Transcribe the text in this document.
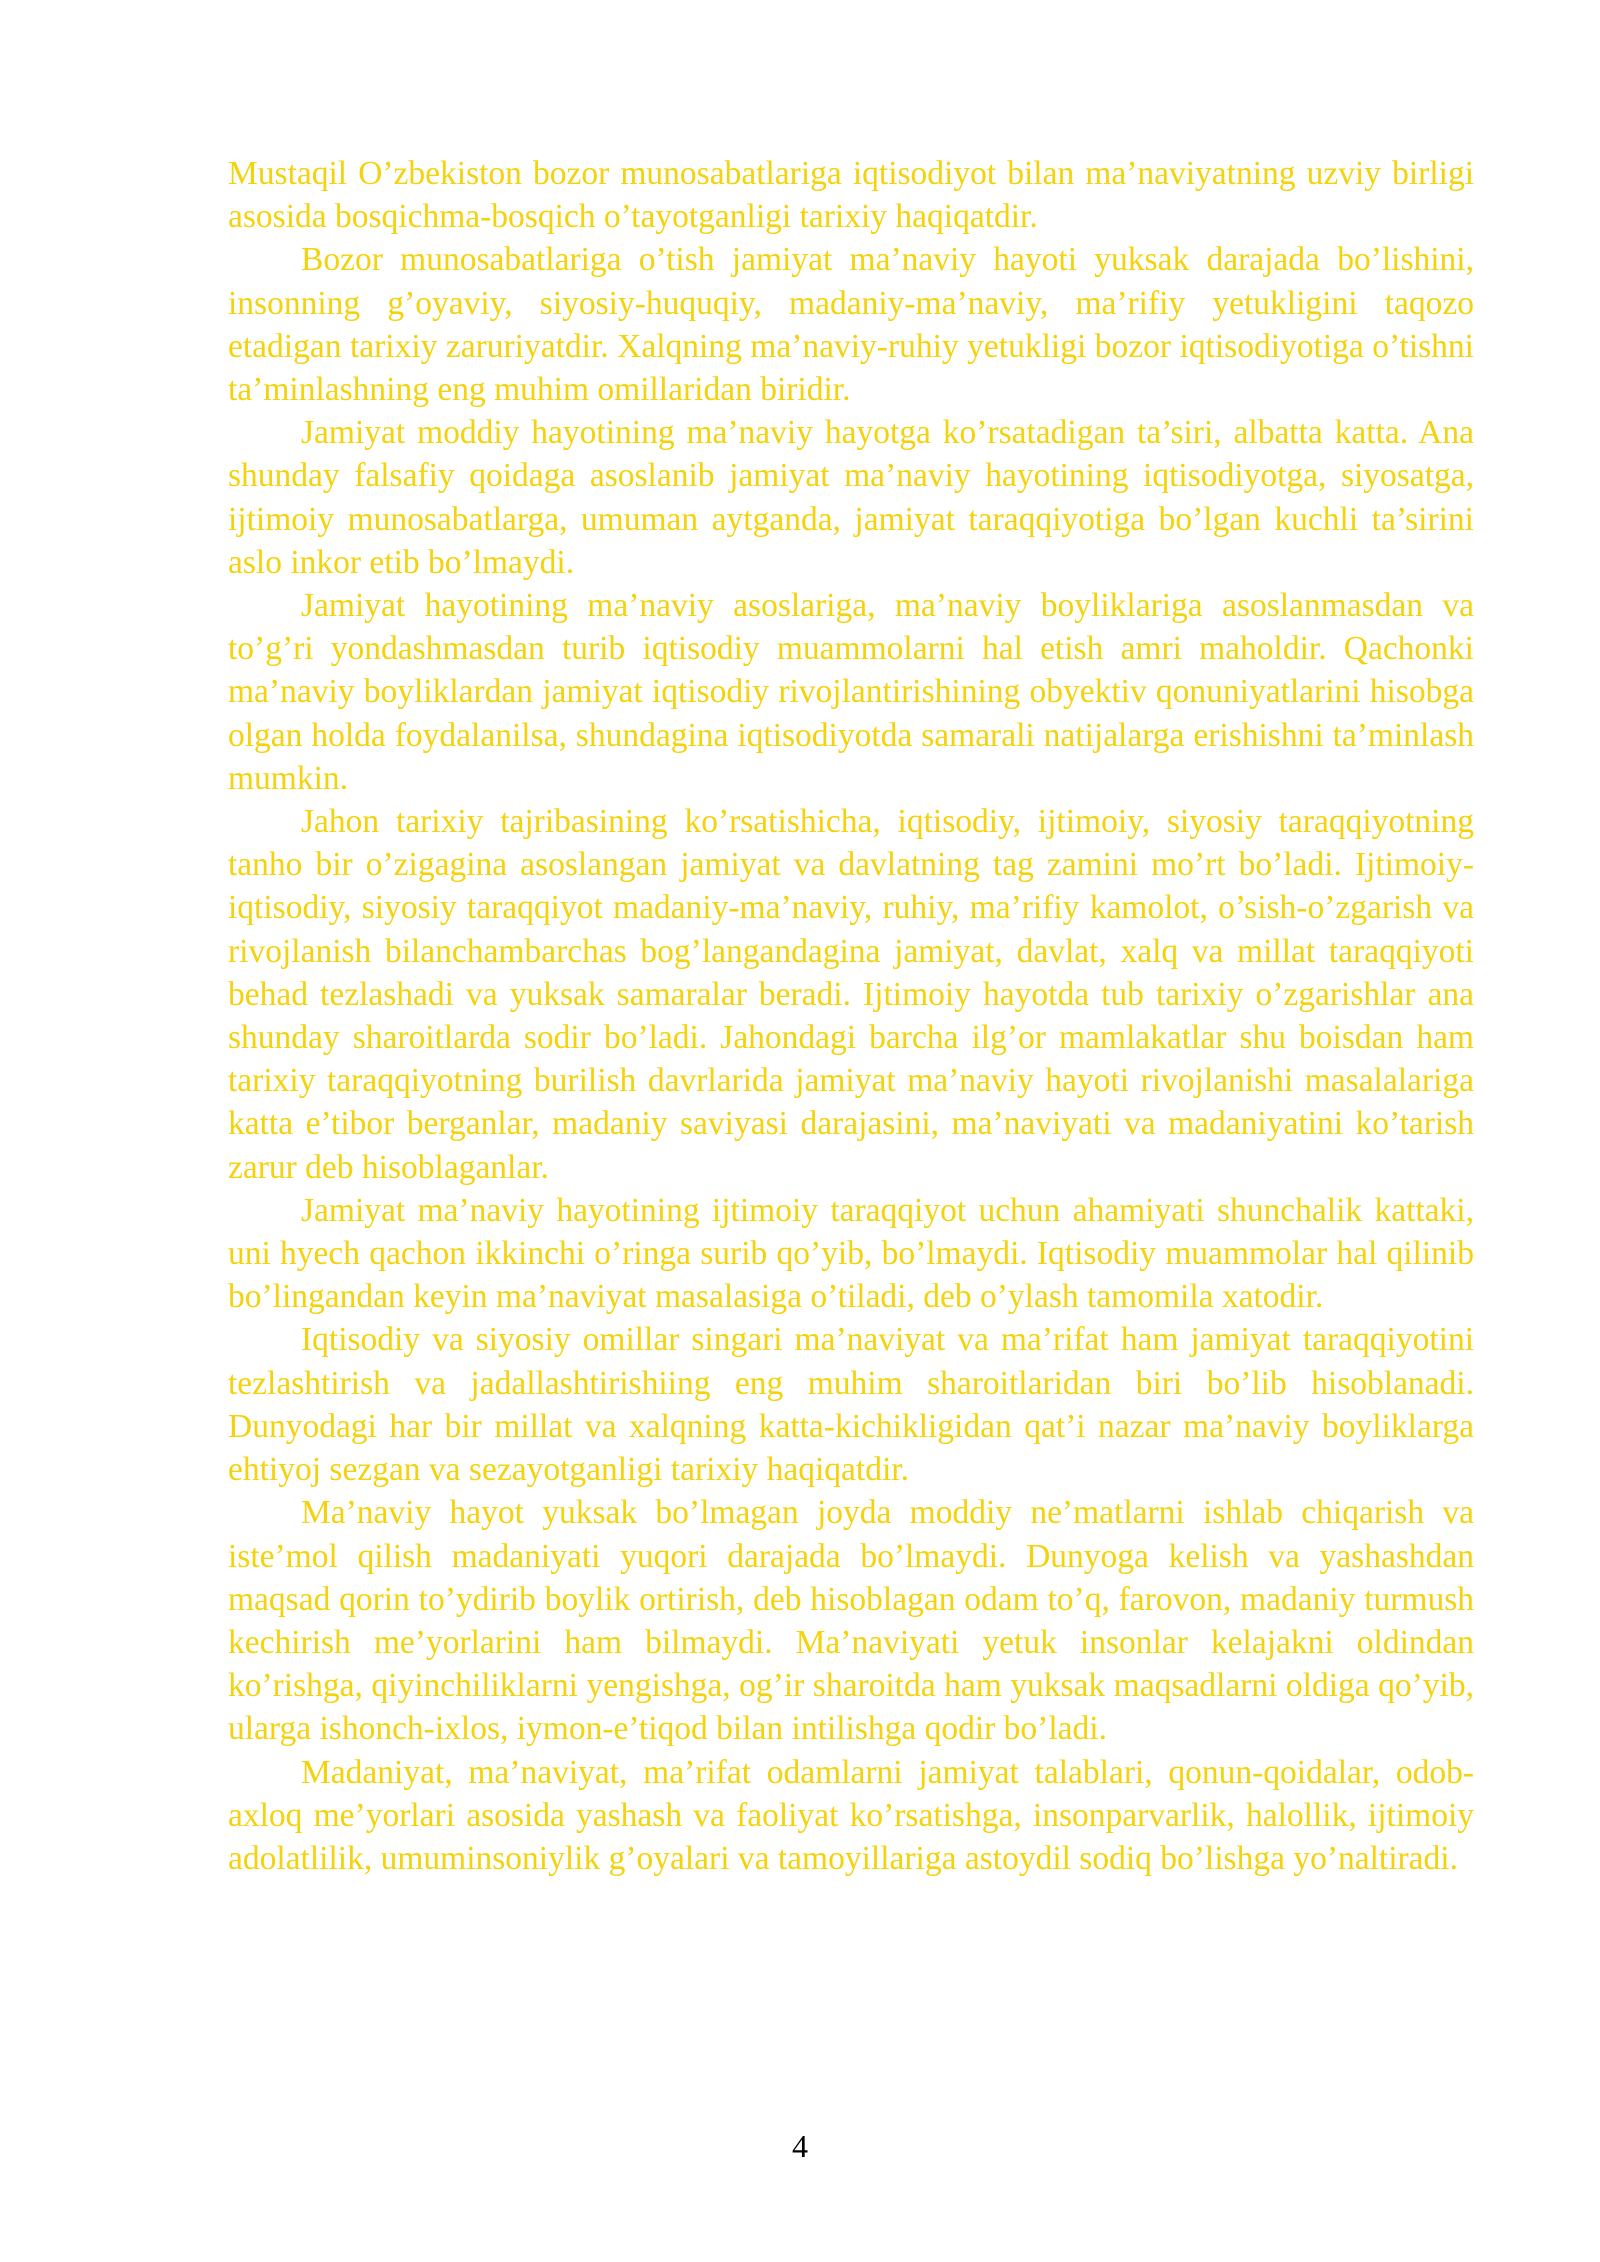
Mustaqil O’zbekiston bozor munosabatlariga iqtisodiyot bilan ma’naviyatning uzviy birligi asosida bosqichma-bosqich o’tayotganligi tarixiy haqiqatdir.

Bozor munosabatlariga o’tish jamiyat ma’naviy hayoti yuksak darajada bo’lishini, insonning g’oyaviy, siyosiy-huquqiy, madaniy-ma’naviy, ma’rifiy yetukligini taqozo etadigan tarixiy zaruriyatdir. Xalqning ma’naviy-ruhiy yetukligi bozor iqtisodiyotiga o’tishni ta’minlashning eng muhim omillaridan biridir.

Jamiyat moddiy hayotining ma’naviy hayotga ko’rsatadigan ta’siri, albatta katta. Ana shunday falsafiy qoidaga asoslanib jamiyat ma’naviy hayotining iqtisodiyotga, siyosatga, ijtimoiy munosabatlarga, umuman aytganda, jamiyat taraqqiyotiga bo’lgan kuchli ta’sirini aslo inkor etib bo’lmaydi.

Jamiyat hayotining ma’naviy asoslariga, ma’naviy boyliklariga asoslanmasdan va to’g’ri yondashmasdan turib iqtisodiy muammolarni hal etish amri maholdir. Qachonki ma’naviy boyliklardan jamiyat iqtisodiy rivojlantirishining obyektiv qonuniyatlarini hisobga olgan holda foydalanilsa, shundagina iqtisodiyotda samarali natijalarga erishishni ta’minlash mumkin.

Jahon tarixiy tajribasining ko’rsatishicha, iqtisodiy, ijtimoiy, siyosiy taraqqiyotning tanho bir o’zigagina asoslangan jamiyat va davlatning tag zamini mo’rt bo’ladi. Ijtimoiy-iqtisodiy, siyosiy taraqqiyot madaniy-ma’naviy, ruhiy, ma’rifiy kamolot, o’sish-o’zgarish va rivojlanish bilanchambarchas bog’langandagina jamiyat, davlat, xalq va millat taraqqiyoti behad tezlashadi va yuksak samaralar beradi. Ijtimoiy hayotda tub tarixiy o’zgarishlar ana shunday sharoitlarda sodir bo’ladi. Jahondagi barcha ilg’or mamlakatlar shu boisdan ham tarixiy taraqqiyotning burilish davrlarida jamiyat ma’naviy hayoti rivojlanishi masalalariga katta e’tibor berganlar, madaniy saviyasi darajasini, ma’naviyati va madaniyatini ko’tarish zarur deb hisoblaganlar.

Jamiyat ma’naviy hayotining ijtimoiy taraqqiyot uchun ahamiyati shunchalik kattaki, uni hyech qachon ikkinchi o’ringa surib qo’yib, bo’lmaydi. Iqtisodiy muammolar hal qilinib bo’lingandan keyin ma’naviyat masalasiga o’tiladi, deb o’ylash tamomila xatodir.

Iqtisodiy va siyosiy omillar singari ma’naviyat va ma’rifat ham jamiyat taraqqiyotini tezlashtirish va jadallashtirishiing eng muhim sharoitlaridan biri bo’lib hisoblanadi. Dunyodagi har bir millat va xalqning katta-kichikligidan qat’i nazar ma’naviy boyliklarga ehtiyoj sezgan va sezayotganligi tarixiy haqiqatdir.

Ma’naviy hayot yuksak bo’lmagan joyda moddiy ne’matlarni ishlab chiqarish va iste’mol qilish madaniyati yuqori darajada bo’lmaydi. Dunyoga kelish va yashashdan maqsad qorin to’ydirib boylik ortirish, deb hisoblagan odam to’q, farovon, madaniy turmush kechirish me’yorlarini ham bilmaydi. Ma’naviyati yetuk insonlar kelajakni oldindan ko’rishga, qiyinchiliklarni yengishga, og’ir sharoitda ham yuksak maqsadlarni oldiga qo’yib, ularga ishonch-ixlos, iymon-e’tiqod bilan intilishga qodir bo’ladi.

Madaniyat, ma’naviyat, ma’rifat odamlarni jamiyat talablari, qonun-qoidalar, odob-axloq me’yorlari asosida yashash va faoliyat ko’rsatishga, insonparvarlik, halollik, ijtimoiy adolatlilik, umuminsoniylik g’oyalari va tamoyillariga astoydil sodiq bo’lishga yo’naltiradi.

4
